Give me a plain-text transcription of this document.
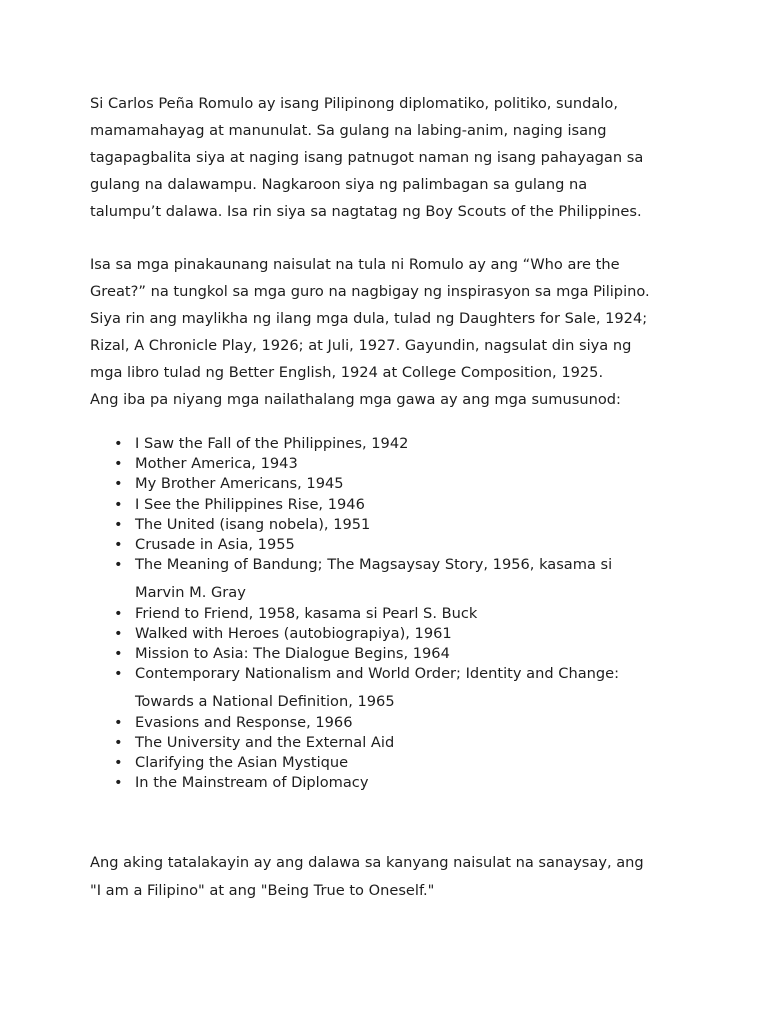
Si Carlos Peña Romulo ay isang Pilipinong diplomatiko, politiko, sundalo,

mamamahayag at manunulat. Sa gulang na labing-anim, naging isang

tagapagbalita siya at naging isang patnugot naman ng isang pahayagan sa

gulang na dalawampu. Nagkaroon siya ng palimbagan sa gulang na

talumpu’t dalawa. Isa rin siya sa nagtatag ng Boy Scouts of the Philippines.

Isa sa mga pinakaunang naisulat na tula ni Romulo ay ang “Who are the

Great?” na tungkol sa mga guro na nagbigay ng inspirasyon sa mga Pilipino.

Siya rin ang maylikha ng ilang mga dula, tulad ng Daughters for Sale, 1924;

Rizal, A Chronicle Play, 1926; at Juli, 1927. Gayundin, nagsulat din siya ng

mga libro tulad ng Better English, 1924 at College Composition, 1925.

Ang iba pa niyang mga nailathalang mga gawa ay ang mga sumusunod:

• I Saw the Fall of the Philippines, 1942
• Mother America, 1943
• My Brother Americans, 1945
• I See the Philippines Rise, 1946
• The United (isang nobela), 1951
• Crusade in Asia, 1955
• The Meaning of Bandung; The Magsaysay Story, 1956, kasama si
Marvin M. Gray
• Friend to Friend, 1958, kasama si Pearl S. Buck
• Walked with Heroes (autobiograpiya), 1961
• Mission to Asia: The Dialogue Begins, 1964
• Contemporary Nationalism and World Order; Identity and Change:
Towards a National Definition, 1965
• Evasions and Response, 1966
• The University and the External Aid
• Clarifying the Asian Mystique
• In the Mainstream of Diplomacy

Ang aking tatalakayin ay ang dalawa sa kanyang naisulat na sanaysay, ang

"I am a Filipino" at ang "Being True to Oneself."
